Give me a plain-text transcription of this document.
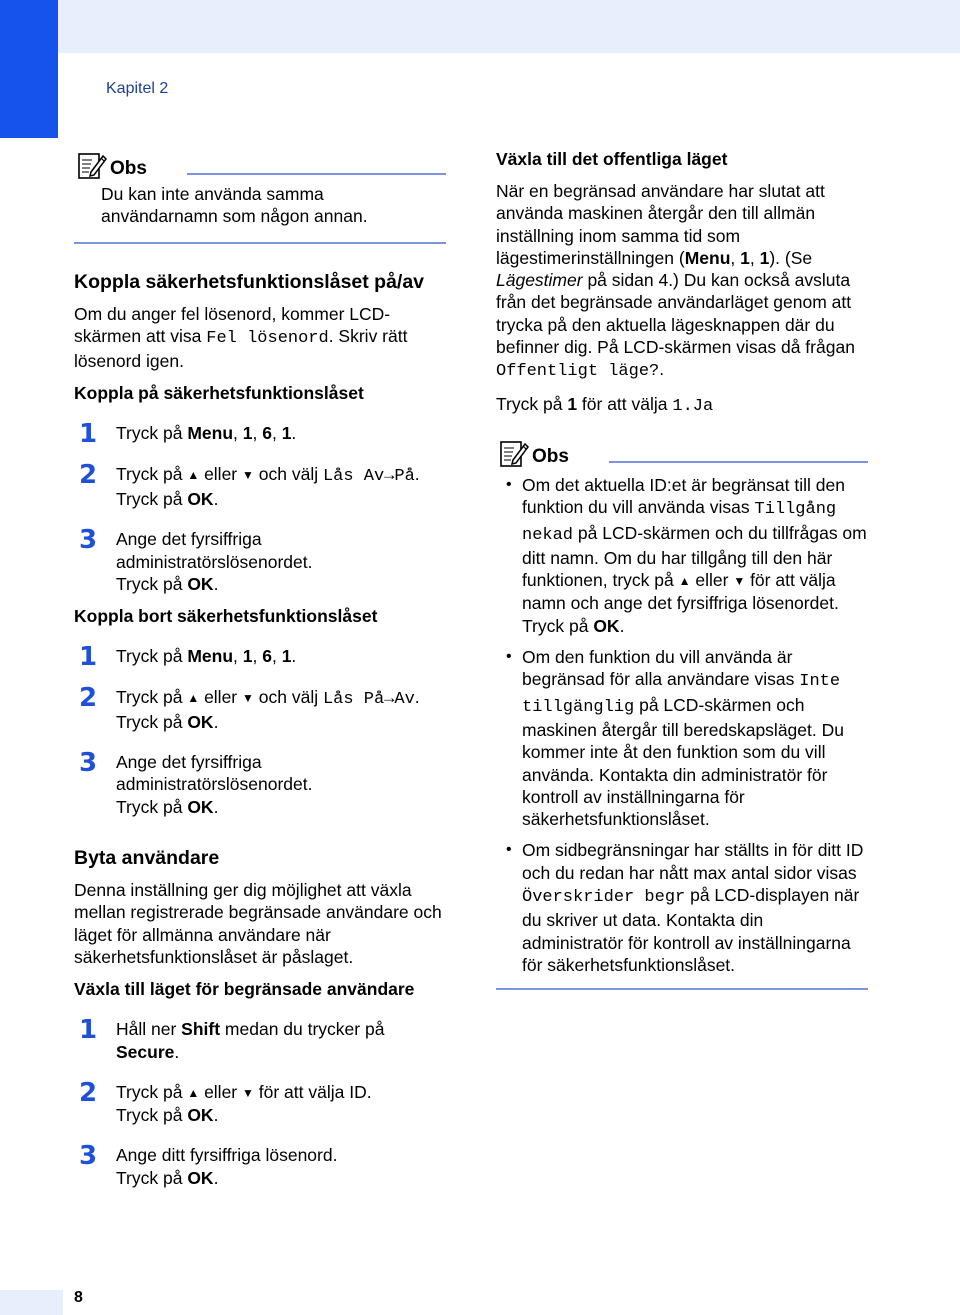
Kapitel 2
Obs

Du kan inte använda samma användarnamn som någon annan.

Koppla säkerhetsfunktionslåset på/av

Om du anger fel lösenord, kommer LCD-skärmen att visa Fel lösenord. Skriv rätt lösenord igen.

Koppla på säkerhetsfunktionslåset
1 Tryck på Menu, 1, 6, 1.

2 Tryck på ▲ eller ▼ och välj Lås Av→På.
Tryck på OK.

3 Ange det fyrsiffriga
administratörslösenordet.
Tryck på OK.

Koppla bort säkerhetsfunktionslåset
1 Tryck på Menu, 1, 6, 1.

2 Tryck på ▲ eller ▼ och välj Lås På→Av.
Tryck på OK.

3 Ange det fyrsiffriga
administratörslösenordet.
Tryck på OK.

Byta användare

Denna inställning ger dig möjlighet att växla mellan registrerade begränsade användare och läget för allmänna användare när säkerhetsfunktionslåset är påslaget.

Växla till läget för begränsade användare
1 Håll ner Shift medan du trycker på
Secure.

2 Tryck på ▲ eller ▼ för att välja ID.
Tryck på OK.

3 Ange ditt fyrsiffriga lösenord.
Tryck på OK.

Växla till det offentliga läget

När en begränsad användare har slutat att använda maskinen återgår den till allmän inställning inom samma tid som lägestimerinställningen (Menu, 1, 1). (Se Lägestimer på sidan 4.) Du kan också avsluta från det begränsade användarläget genom att trycka på den aktuella lägesknappen där du befinner dig. På LCD-skärmen visas då frågan Offentligt läge?.

Tryck på 1 för att välja 1.Ja

Obs

• Om det aktuella ID:et är begränsat till den funktion du vill använda visas Tillgång nekad på LCD-skärmen och du tillfrågas om ditt namn. Om du har tillgång till den här funktionen, tryck på ▲ eller ▼ för att välja namn och ange det fyrsiffriga lösenordet.
Tryck på OK.

• Om den funktion du vill använda är begränsad för alla användare visas Inte tillgänglig på LCD-skärmen och maskinen återgår till beredskapsläget. Du kommer inte åt den funktion som du vill använda. Kontakta din administratör för kontroll av inställningarna för säkerhetsfunktionslåset.

• Om sidbegränsningar har ställts in för ditt ID och du redan har nått max antal sidor visas Överskrider begr på LCD-displayen när du skriver ut data. Kontakta din administratör för kontroll av inställningarna för säkerhetsfunktionslåset.

8
